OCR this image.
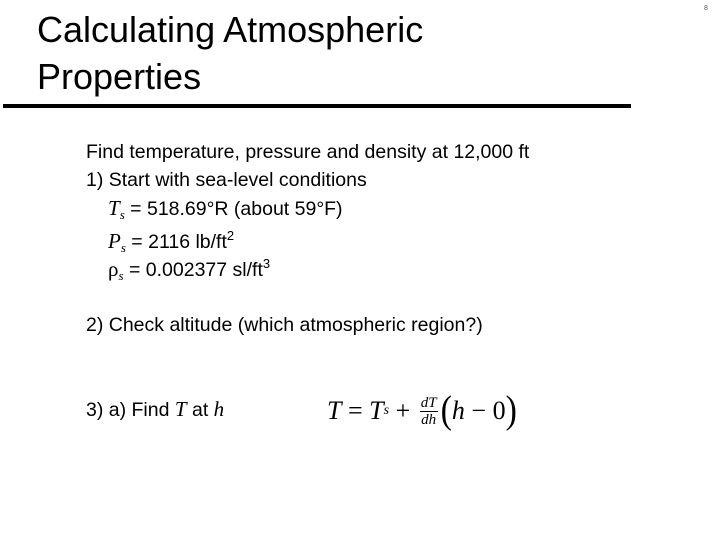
Calculating Atmospheric
Properties
8
Find temperature, pressure and density at 12,000 ft
1) Start with sea-level conditions
$T_s = 518.69^\circ R$ (about 59°F)
$P_s = 2116$ $lb/ft^2$
$\rho_s = 0.002377$ $sl/ft^3$
2) Check altitude (which atmospheric region?)
3) a) Find T at h	T = T $s + \frac{dT}{dh}$ ( h − 0 )
